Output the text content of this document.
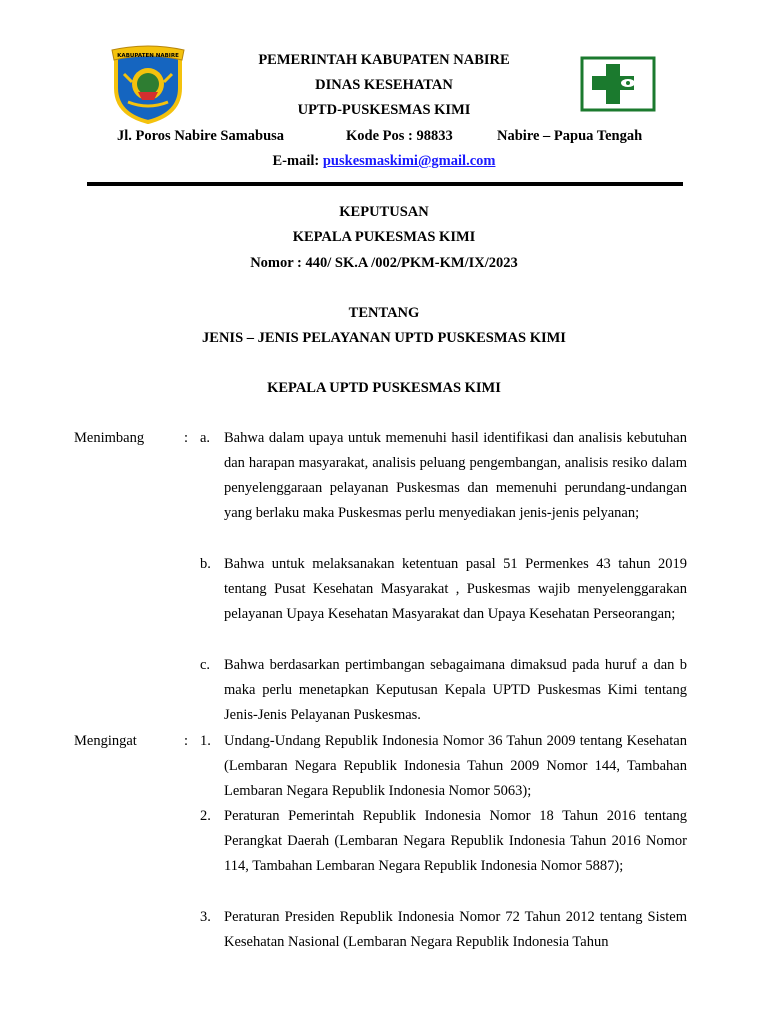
KABUPATEN NABIRE	PEMERINTAH KABUPATEN NABIRE
DINAS KESEHATAN
UPTD-PUSKESMAS KIMI
Jl. Poros Nabire Samabusa	Kode Pos : 98833	Nabire – Papua Tengah
E-mail: puskesmaskimi@gmail.com
KEPUTUSAN
KEPALA PUKESMAS KIMI
Nomor : 440/ SK.A /002/PKM-KM/IX/2023
TENTANG
JENIS – JENIS PELAYANAN UPTD PUSKESMAS KIMI
KEPALA UPTD PUSKESMAS KIMI
Menimbang	: a. Bahwa dalam upaya untuk memenuhi hasil identifikasi dan analisis kebutuhan dan harapan masyarakat, analisis peluang pengembangan, analisis resiko dalam penyelenggaraan pelayanan Puskesmas dan memenuhi perundang-undangan yang berlaku maka Puskesmas perlu menyediakan jenis-jenis pelyanan;
b. Bahwa untuk melaksanakan ketentuan pasal 51 Permenkes 43 tahun 2019 tentang Pusat Kesehatan Masyarakat , Puskesmas wajib menyelenggarakan pelayanan Upaya Kesehatan Masyarakat dan Upaya Kesehatan Perseorangan;
c. Bahwa berdasarkan pertimbangan sebagaimana dimaksud pada huruf a dan b maka perlu menetapkan Keputusan Kepala UPTD Puskesmas Kimi tentang Jenis-Jenis Pelayanan Puskesmas.
Mengingat	: 1. Undang-Undang Republik Indonesia Nomor 36 Tahun 2009 tentang Kesehatan (Lembaran Negara Republik Indonesia Tahun 2009 Nomor 144, Tambahan Lembaran Negara Republik Indonesia Nomor 5063);
2. Peraturan Pemerintah Republik Indonesia Nomor 18 Tahun 2016 tentang Perangkat Daerah (Lembaran Negara Republik Indonesia Tahun 2016 Nomor 114, Tambahan Lembaran Negara Republik Indonesia Nomor 5887);
3. Peraturan Presiden Republik Indonesia Nomor 72 Tahun 2012 tentang Sistem Kesehatan Nasional (Lembaran Negara Republik Indonesia Tahun
